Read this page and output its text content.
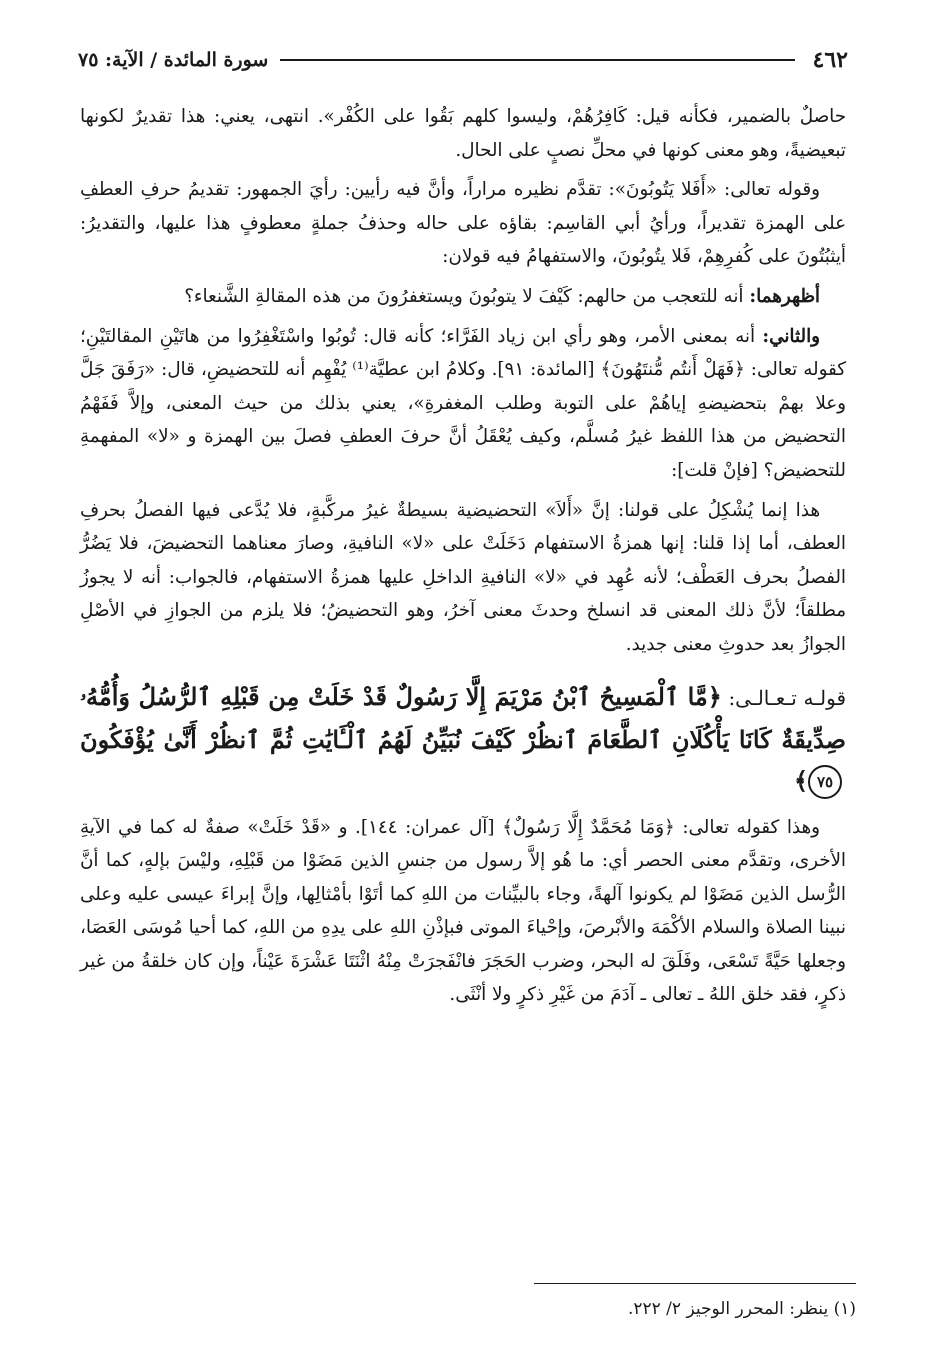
٤٦٢
سورة المائدة / الآية: ٧٥

حاصلٌ بالضمير، فكأنه قيل: كَافِرُهُمْ، وليسوا كلهم بَقُوا على الكُفْر». انتهى، يعني: هذا تقديرٌ لكونها تبعيضيةً، وهو معنى كونها في محلِّ نصبٍ على الحال.

وقوله تعالى: «أَفَلا يَتُوبُونَ»: تقدَّم نظيره مراراً، وأنَّ فيه رأيين: رأيَ الجمهور: تقديمُ حرفِ العطفِ على الهمزة تقديراً، ورأيُ أبي القاسِم: بقاؤه على حاله وحذفُ جملةٍ معطوفٍ هذا عليها، والتقديرُ: أيثبُتُونَ على كُفرِهِمْ، فَلا يتُوبُونَ، والاستفهامُ فيه قولان:

أظهرهما: أنه للتعجب من حالهم: كَيْفَ لا يتوبُونَ ويستغفرُونَ من هذه المقالةِ الشَّنعاء؟

والثاني: أنه بمعنى الأمر، وهو رأي ابن زياد الفَرَّاء؛ كأنه قال: تُوبُوا واسْتَغْفِرُوا من هاتَيْنِ المقالتَيْنِ؛ كقوله تعالى: ﴿فَهَلْ أَنتُم مُّنتَهُونَ﴾ [المائدة: ٩١]. وكلامُ ابن عطيَّة⁽¹⁾ يُفْهِم أنه للتحضيضِ، قال: «رَفَقَ جَلَّ وعلا بهمْ بتحضيضهِ إياهُمْ على التوبة وطلب المغفرةِ»، يعني بذلك من حيث المعنى، وإلاَّ فَفَهْمُ التحضيض من هذا اللفظ غيرُ مُسلَّم، وكيف يُعْقَلُ أنَّ حرفَ العطفِ فصلَ بين الهمزة و «لا» المفهمةِ للتحضيض؟ [فإنْ قلت]:

هذا إنما يُشْكِلُ على قولنا: إنَّ «أَلاَ» التحضيضية بسيطةٌ غيرُ مركَّبةٍ، فلا يُدَّعى فيها الفصلُ بحرفِ العطف، أما إذا قلنا: إنها همزةُ الاستفهام دَخَلَتْ على «لا» النافيةِ، وصارَ معناهما التحضيضَ، فلا يَضُرُّ الفصلُ بحرف العَطْف؛ لأنه عُهِد في «لا» النافيةِ الداخلِ عليها همزةُ الاستفهام، فالجواب: أنه لا يجوزُ مطلقاً؛ لأنَّ ذلك المعنى قد انسلخ وحدثَ معنى آخرُ، وهو التحضيضُ؛ فلا يلزم من الجوازِ في الأصْلِ الجوازُ بعد حدوثِ معنى جديد.

قولـه تـعـالـى: ﴿مَّا ٱلْمَسِيحُ ٱبْنُ مَرْيَمَ إِلَّا رَسُولٌ قَدْ خَلَتْ مِن قَبْلِهِ ٱلرُّسُلُ وَأُمُّهُۥ صِدِّيقَةٌ كَانَا يَأْكُلَانِ ٱلطَّعَامَ ٱنظُرْ كَيْفَ نُبَيِّنُ لَهُمُ ٱلْـَٔايَٰتِ ثُمَّ ٱنظُرْ أَنَّىٰ يُؤْفَكُونَ ٧٥﴾

وهذا كقوله تعالى: ﴿وَمَا مُحَمَّدٌ إِلَّا رَسُولٌ﴾ [آل عمران: ١٤٤]. و «قَدْ خَلَتْ» صفةٌ له كما في الآيةِ الأخرى، وتقدَّم معنى الحصر أي: ما هُو إلاَّ رسول من جنسِ الذين مَضَوْا من قَبْلِهِ، وليْسَ بإلهٍ، كما أنَّ الرُّسل الذين مَضَوْا لم يكونوا آلهةً، وجاء بالبيِّنات من اللهِ كما أتَوْا بأمْثالِها، وإنَّ إبراءَ عيسى عليه وعلى نبينا الصلاة والسلام الأكْمَهَ والأبْرصَ، وإحْياءَ الموتى فبإذْنِ اللهِ على يدِهِ من اللهِ، كما أحيا مُوسَى العَصَا، وجعلها حَيَّةً تَسْعَى، وفَلَقَ له البحر، وضرب الحَجَرَ فانْفَجرَتْ مِنْهُ اثْنَتَا عَشْرَةَ عَيْناً، وإن كان خلقةُ من غير ذكرٍ، فقد خلق اللهُ ـ تعالى ـ آدَمَ من غَيْرِ ذكرٍ ولا أنْثَى.

(١) ينظر: المحرر الوجيز ٢/ ٢٢٢.
